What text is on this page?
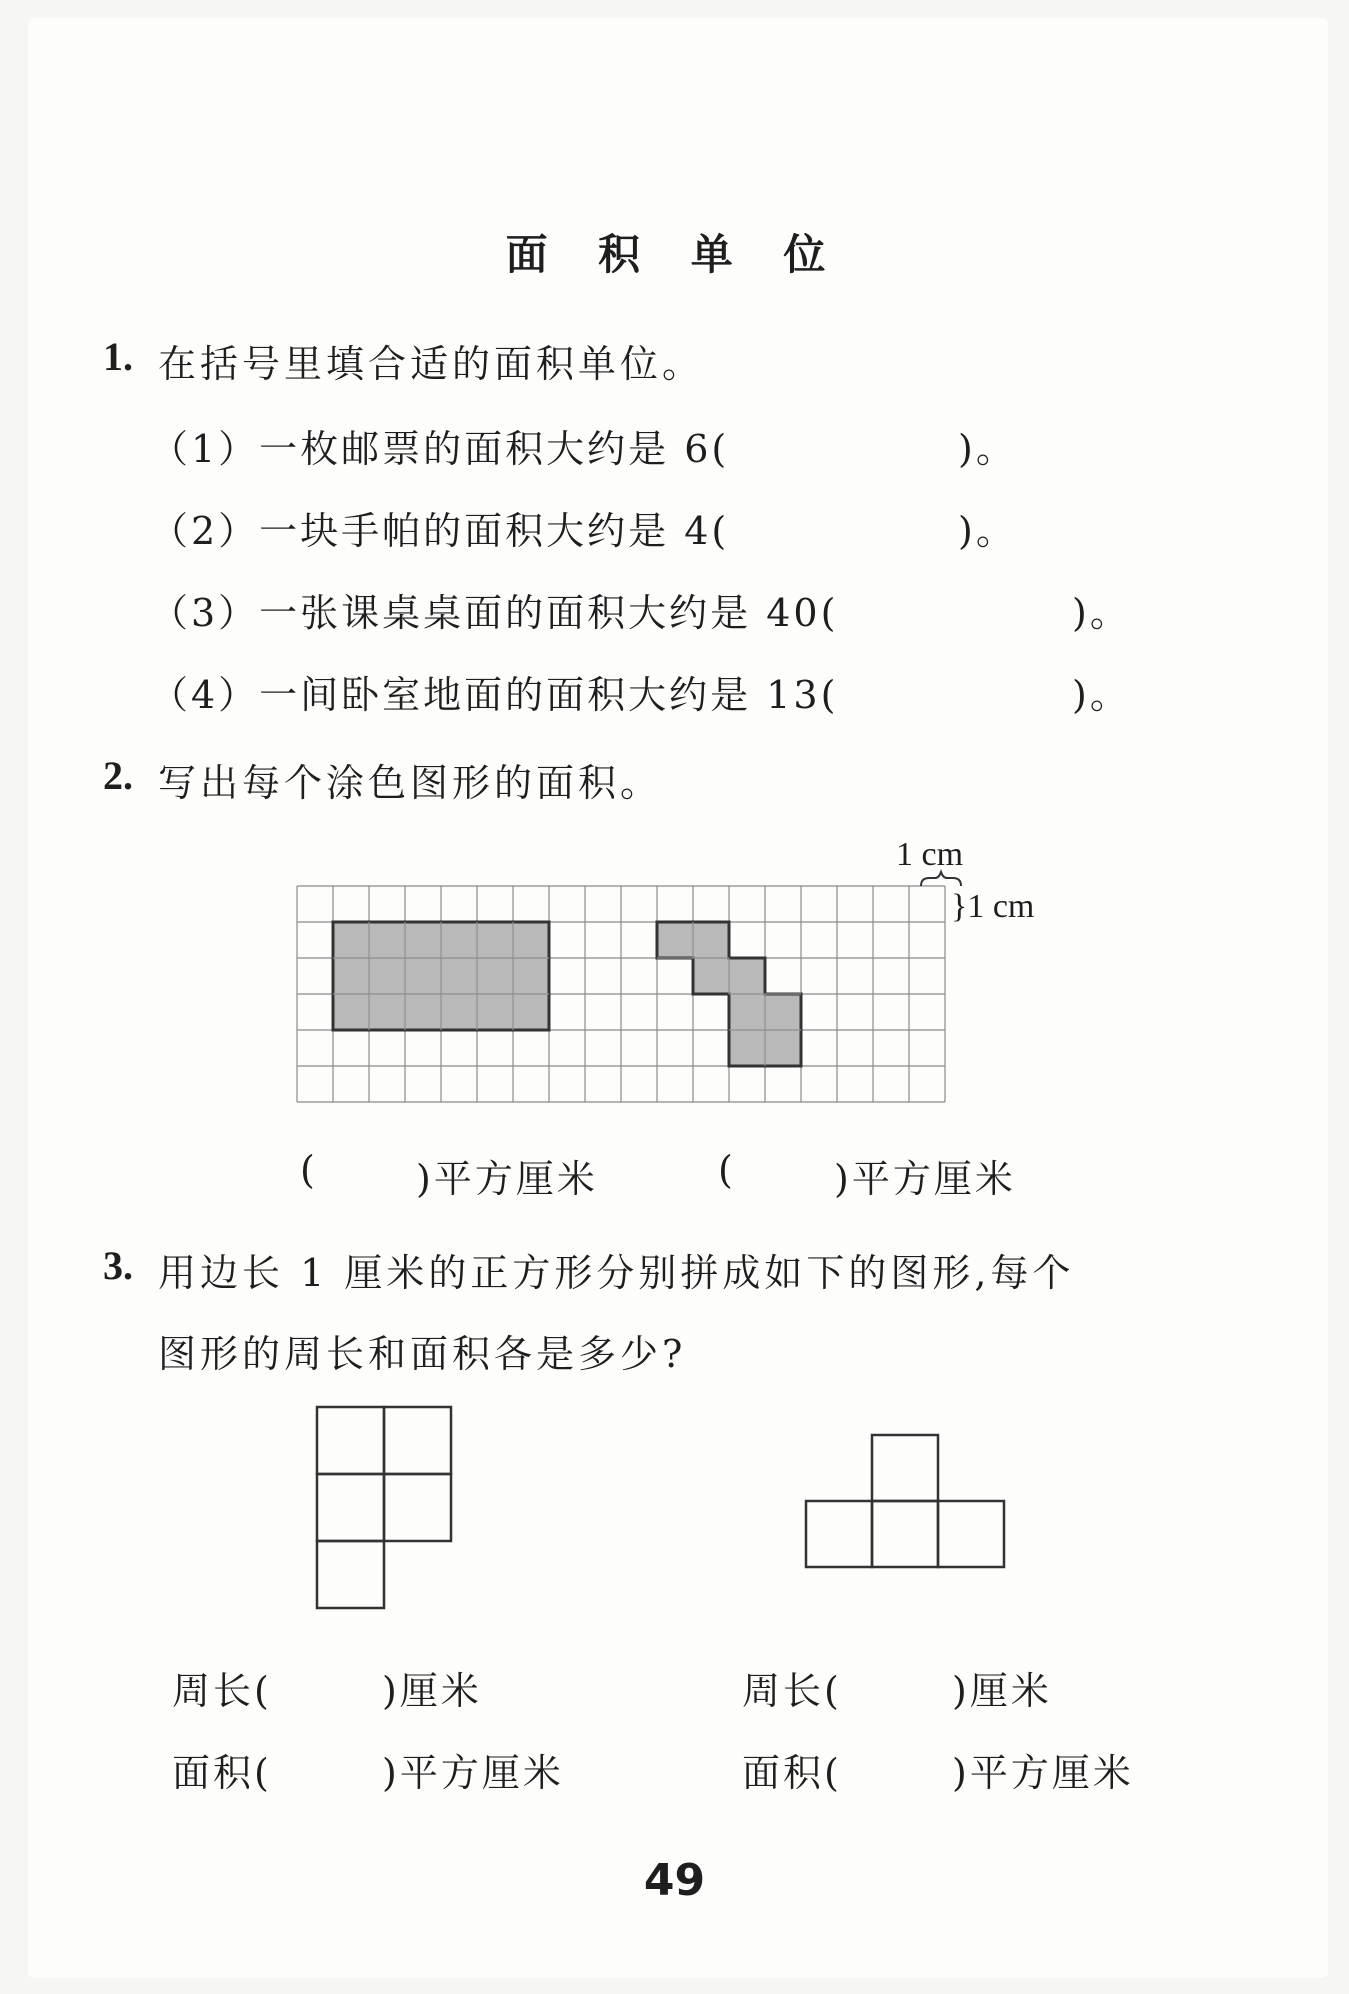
面 积 单 位
1. 在括号里填合适的面积单位。
（1）一枚邮票的面积大约是 6(	)。
（2）一块手帕的面积大约是 4(	)。
（3）一张课桌桌面的面积大约是 40(	)。
（4）一间卧室地面的面积大约是 13(	)。
2. 写出每个涂色图形的面积。
1 cm
}1 cm
(	)平方厘米	(	)平方厘米
3. 用边长 1 厘米的正方形分别拼成如下的图形,每个
图形的周长和面积各是多少?
周长(	)厘米
面积(	)平方厘米
周长(	)厘米
面积(	)平方厘米
49
